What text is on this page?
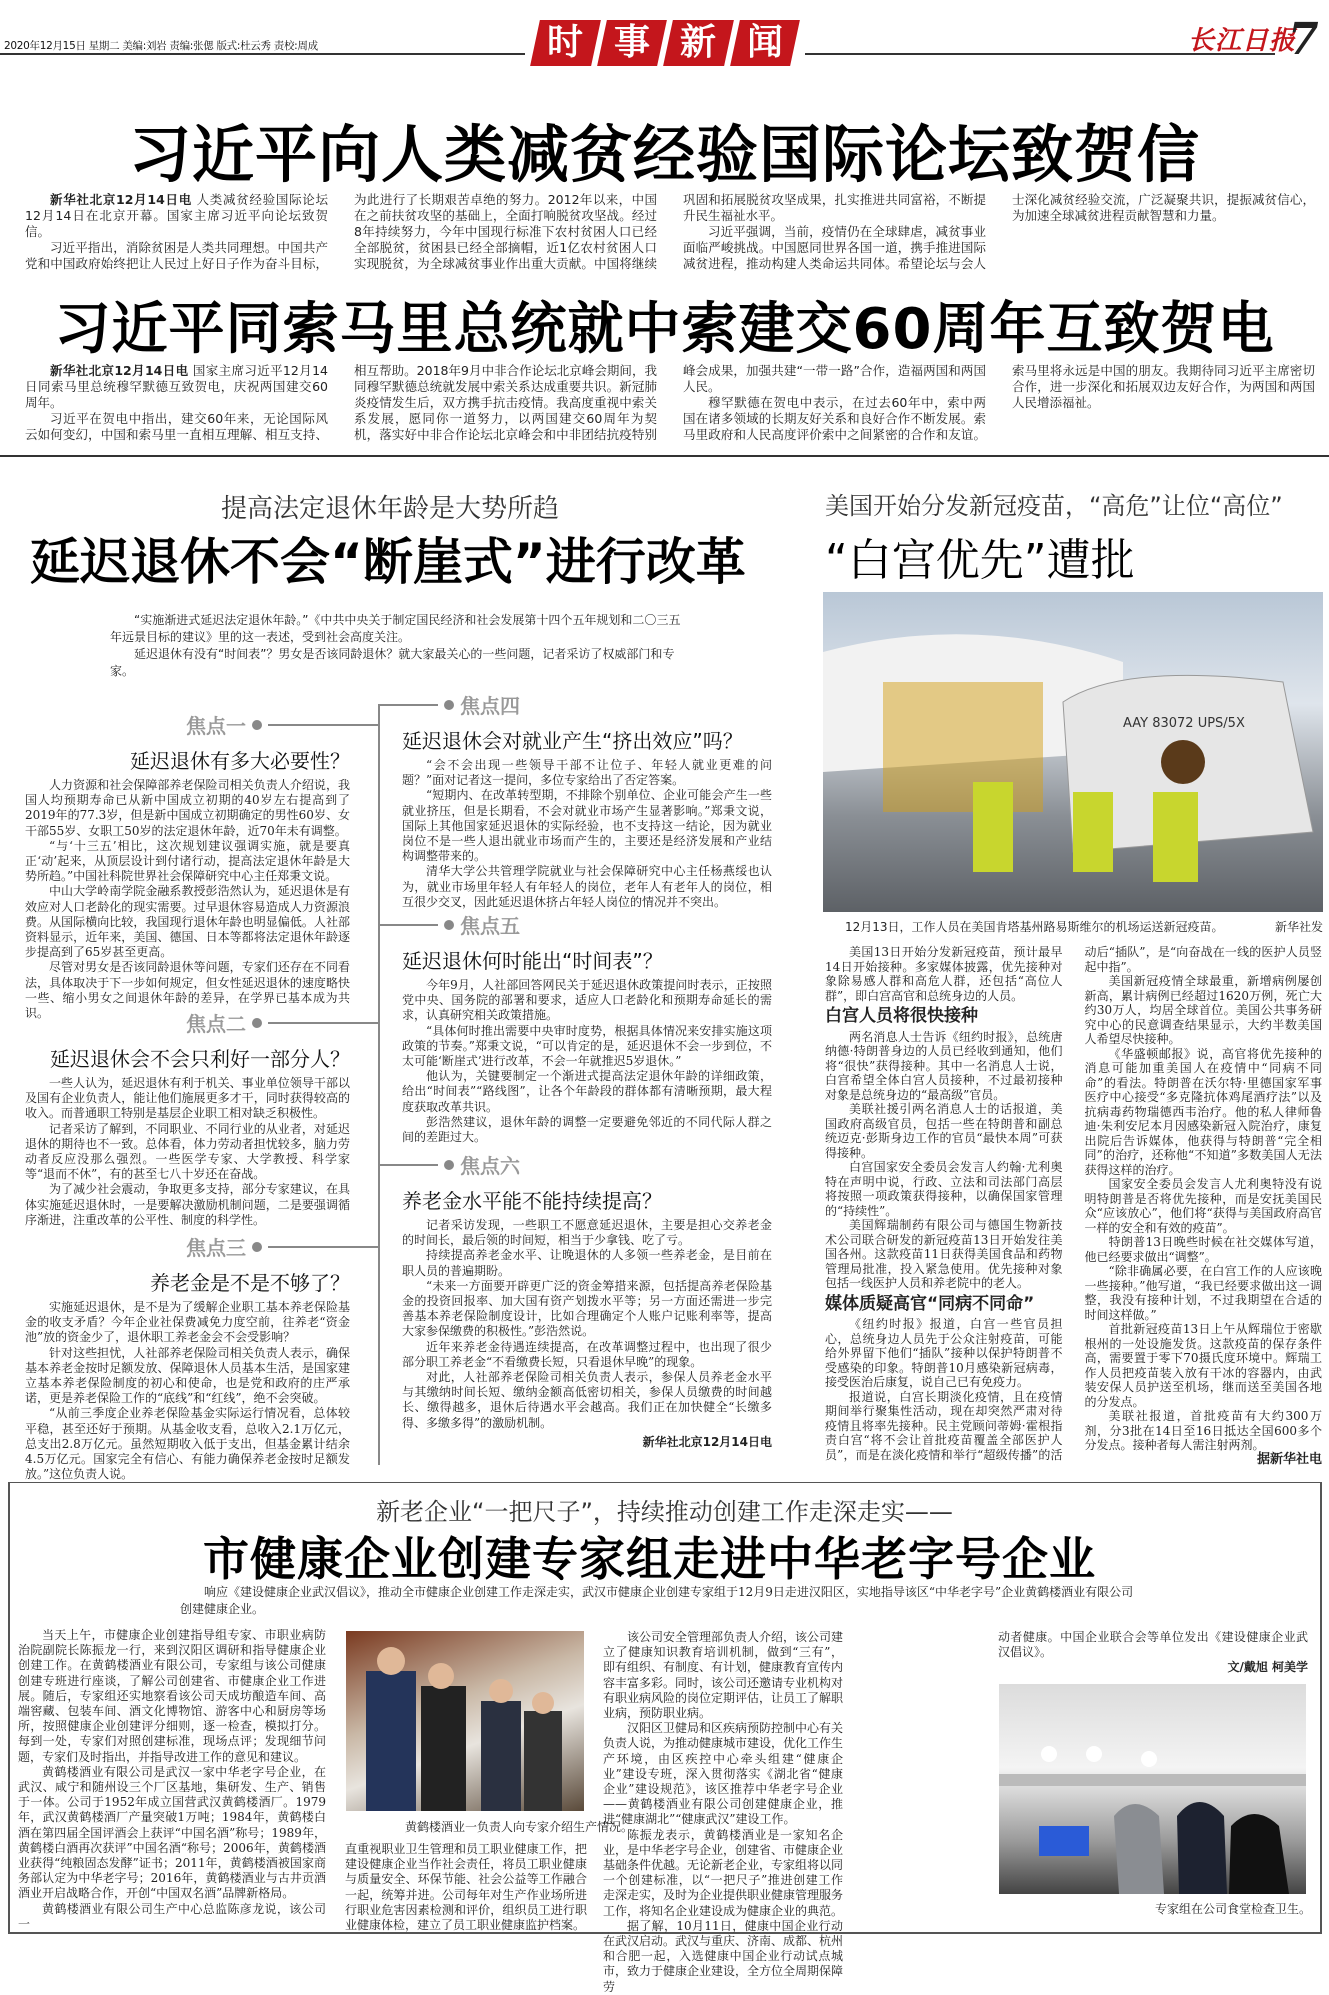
2020年12月15日 星期二 美编:刘岩 责编:张偲 版式:杜云秀 责校:周成	时 事 新 闻	长江日报
7
习近平向人类减贫经验国际论坛致贺信

新华社北京12月14日电 人类减贫经验国际论坛12月14日在北京开幕。国家主席习近平向论坛致贺信。

习近平指出，消除贫困是人类共同理想。中国共产党和中国政府始终把让人民过上好日子作为奋斗目标，为此进行了长期艰苦卓绝的努力。2012年以来，中国在之前扶贫攻坚的基础上，全面打响脱贫攻坚战。经过8年持续努力，今年中国现行标准下农村贫困人口已经全部脱贫，贫困县已经全部摘帽，近1亿农村贫困人口实现脱贫，为全球减贫事业作出重大贡献。中国将继续巩固和拓展脱贫攻坚成果，扎实推进共同富裕，不断提升民生福祉水平。

习近平强调，当前，疫情仍在全球肆虐，减贫事业面临严峻挑战。中国愿同世界各国一道，携手推进国际减贫进程，推动构建人类命运共同体。希望论坛与会人士深化减贫经验交流，广泛凝聚共识，提振减贫信心，为加速全球减贫进程贡献智慧和力量。

习近平同索马里总统就中索建交60周年互致贺电

新华社北京12月14日电 国家主席习近平12月14日同索马里总统穆罕默德互致贺电，庆祝两国建交60周年。

习近平在贺电中指出，建交60年来，无论国际风云如何变幻，中国和索马里一直相互理解、相互支持、相互帮助。2018年9月中非合作论坛北京峰会期间，我同穆罕默德总统就发展中索关系达成重要共识。新冠肺炎疫情发生后，双方携手抗击疫情。我高度重视中索关系发展，愿同你一道努力，以两国建交60周年为契机，落实好中非合作论坛北京峰会和中非团结抗疫特别峰会成果，加强共建“一带一路”合作，造福两国和两国人民。

穆罕默德在贺电中表示，在过去60年中，索中两国在诸多领域的长期友好关系和良好合作不断发展。索马里政府和人民高度评价索中之间紧密的合作和友谊。索马里将永远是中国的朋友。我期待同习近平主席密切合作，进一步深化和拓展双边友好合作，为两国和两国人民增添福祉。

提高法定退休年龄是大势所趋
延迟退休不会“断崖式”进行改革

“实施渐进式延迟法定退休年龄。”《中共中央关于制定国民经济和社会发展第十四个五年规划和二〇三五年远景目标的建议》里的这一表述，受到社会高度关注。

延迟退休有没有“时间表”？男女是否该同龄退休？就大家最关心的一些问题，记者采访了权威部门和专家。

焦点一
延迟退休有多大必要性？

人力资源和社会保障部养老保险司相关负责人介绍说，我国人均预期寿命已从新中国成立初期的40岁左右提高到了2019年的77.3岁，但是新中国成立初期确定的男性60岁、女干部55岁、女职工50岁的法定退休年龄，近70年未有调整。

“与‘十三五’相比，这次规划建议强调实施，就是要真正‘动’起来，从顶层设计到付诸行动，提高法定退休年龄是大势所趋。”中国社科院世界社会保障研究中心主任郑秉文说。

中山大学岭南学院金融系教授彭浩然认为，延迟退休是有效应对人口老龄化的现实需要。过早退休容易造成人力资源浪费。从国际横向比较，我国现行退休年龄也明显偏低。人社部资料显示，近年来，美国、德国、日本等都将法定退休年龄逐步提高到了65岁甚至更高。

尽管对男女是否该同龄退休等问题，专家们还存在不同看法，具体取决于下一步如何规定，但女性延迟退休的速度略快一些、缩小男女之间退休年龄的差异，在学界已基本成为共识。	焦点二
延迟退休会不会只利好一部分人？

一些人认为，延迟退休有利于机关、事业单位领导干部以及国有企业负责人，能让他们施展更多才干，同时获得较高的收入。而普通职工特别是基层企业职工相对缺乏积极性。

记者采访了解到，不同职业、不同行业的从业者，对延迟退休的期待也不一致。总体看，体力劳动者担忧较多，脑力劳动者反应没那么强烈。一些医学专家、大学教授、科学家等“退而不休”，有的甚至七八十岁还在奋战。

为了减少社会震动，争取更多支持，部分专家建议，在具体实施延迟退休时，一是要解决激励机制问题，二是要强调循序渐进，注重改革的公平性、制度的科学性。

焦点三
养老金是不是不够了？

实施延迟退休，是不是为了缓解企业职工基本养老保险基金的收支矛盾？今年企业社保费减免力度空前，往养老“资金池”放的资金少了，退休职工养老金会不会受影响？

针对这些担忧，人社部养老保险司相关负责人表示，确保基本养老金按时足额发放、保障退休人员基本生活，是国家建立基本养老保险制度的初心和使命，也是党和政府的庄严承诺，更是养老保险工作的“底线”和“红线”，绝不会突破。

“从前三季度企业养老保险基金实际运行情况看，总体较平稳，甚至还好于预期。从基金收支看，总收入2.1万亿元，总支出2.8万亿元。虽然短期收入低于支出，但基金累计结余4.5万亿元。国家完全有信心、有能力确保养老金按时足额发放。”这位负责人说。

焦点四
延迟退休会对就业产生“挤出效应”吗？

“会不会出现一些领导干部不让位子、年轻人就业更难的问题？”面对记者这一提问，多位专家给出了否定答案。

“短期内、在改革转型期，不排除个别单位、企业可能会产生一些就业挤压，但是长期看，不会对就业市场产生显著影响。”郑秉文说，国际上其他国家延迟退休的实际经验，也不支持这一结论，因为就业岗位不是一些人退出就业市场而产生的，主要还是经济发展和产业结构调整带来的。

清华大学公共管理学院就业与社会保障研究中心主任杨燕绥也认为，就业市场里年轻人有年轻人的岗位，老年人有老年人的岗位，相互很少交叉，因此延迟退休挤占年轻人岗位的情况并不突出。

焦点五
延迟退休何时能出“时间表”？

今年9月，人社部回答网民关于延迟退休政策提问时表示，正按照党中央、国务院的部署和要求，适应人口老龄化和预期寿命延长的需求，认真研究相关政策措施。

“具体何时推出需要中央审时度势，根据具体情况来安排实施这项政策的节奏。”郑秉文说，“可以肯定的是，延迟退休不会一步到位，不太可能‘断崖式’进行改革，不会一年就推迟5岁退休。”

他认为，关键要制定一个渐进式提高法定退休年龄的详细政策，给出“时间表”“路线图”，让各个年龄段的群体都有清晰预期，最大程度获取改革共识。

彭浩然建议，退休年龄的调整一定要避免邻近的不同代际人群之间的差距过大。

焦点六
养老金水平能不能持续提高？

记者采访发现，一些职工不愿意延迟退休，主要是担心交养老金的时间长，最后领的时间短，相当于少拿钱、吃了亏。

持续提高养老金水平、让晚退休的人多领一些养老金，是目前在职人员的普遍期盼。

“未来一方面要开辟更广泛的资金筹措来源，包括提高养老保险基金的投资回报率、加大国有资产划拨水平等；另一方面还需进一步完善基本养老保险制度设计，比如合理确定个人账户记账利率等，提高大家参保缴费的积极性。”彭浩然说。

近年来养老金待遇连续提高，在改革调整过程中，也出现了很少部分职工养老金“不看缴费长短，只看退休早晚”的现象。

对此，人社部养老保险司相关负责人表示，参保人员养老金水平与其缴纳时间长短、缴纳金额高低密切相关，参保人员缴费的时间越长、缴得越多，退休后待遇水平会越高。我们正在加快健全“长缴多得、多缴多得”的激励机制。

新华社北京12月14日电
美国开始分发新冠疫苗，“高危”让位“高位”
“白宫优先”遭批
AAY 83072 UPS/5X
12月13日，工作人员在美国肯塔基州路易斯维尔的机场运送新冠疫苗。	新华社发

美国13日开始分发新冠疫苗，预计最早14日开始接种。多家媒体披露，优先接种对象除易感人群和高危人群，还包括“高位人群”，即白宫高官和总统身边的人员。

白宫人员将很快接种

两名消息人士告诉《纽约时报》，总统唐纳德·特朗普身边的人员已经收到通知，他们将“很快”获得接种。其中一名消息人士说，白宫希望全体白宫人员接种，不过最初接种对象是总统身边的“最高级”官员。

美联社援引两名消息人士的话报道，美国政府高级官员，包括一些在特朗普和副总统迈克·彭斯身边工作的官员“最快本周”可获得接种。

白宫国家安全委员会发言人约翰·尤利奥特在声明中说，行政、立法和司法部门高层将按照一项政策获得接种，以确保国家管理的“持续性”。

美国辉瑞制药有限公司与德国生物新技术公司联合研发的新冠疫苗13日开始发往美国各州。这款疫苗11日获得美国食品和药物管理局批准，投入紧急使用。优先接种对象包括一线医护人员和养老院中的老人。

媒体质疑高官“同病不同命”

《纽约时报》报道，白宫一些官员担心，总统身边人员先于公众注射疫苗，可能给外界留下他们“插队”接种以保护特朗普不受感染的印象。特朗普10月感染新冠病毒，接受医治后康复，说自己已有免疫力。

报道说，白宫长期淡化疫情，且在疫情期间举行聚集性活动，现在却突然严肃对待疫情且将率先接种。民主党顾问蒂姆·霍根指责白宫“将不会让首批疫苗覆盖全部医护人员”，而是在淡化疫情和举行“超级传播”的活动后“插队”，是“向奋战在一线的医护人员竖起中指”。

美国新冠疫情全球最重，新增病例屡创新高，累计病例已经超过1620万例，死亡大约30万人，均居全球首位。美国公共事务研究中心的民意调查结果显示，大约半数美国人希望尽快接种。

《华盛顿邮报》说，高官将优先接种的消息可能加重美国人在疫情中“同病不同命”的看法。特朗普在沃尔特·里德国家军事医疗中心接受“多克隆抗体鸡尾酒疗法”以及抗病毒药物瑞德西韦治疗。他的私人律师鲁迪·朱利安尼本月因感染新冠入院治疗，康复出院后告诉媒体，他获得与特朗普“完全相同”的治疗，还称他“不知道”多数美国人无法获得这样的治疗。

国家安全委员会发言人尤利奥特没有说明特朗普是否将优先接种，而是安抚美国民众“应该放心”，他们将“获得与美国政府高官一样的安全和有效的疫苗”。

特朗普13日晚些时候在社交媒体写道，他已经要求做出“调整”。

“除非确属必要，在白宫工作的人应该晚一些接种。”他写道，“我已经要求做出这一调整，我没有接种计划，不过我期望在合适的时间这样做。”

首批新冠疫苗13日上午从辉瑞位于密歇根州的一处设施发货。这款疫苗的保存条件高，需要置于零下70摄氏度环境中。辉瑞工作人员把疫苗装入放有干冰的容器内，由武装安保人员护送至机场，继而送至美国各地的分发点。

美联社报道，首批疫苗有大约300万剂，分3批在14日至16日抵达全国600多个分发点。接种者每人需注射两剂。

据新华社电
新老企业“一把尺子”，持续推动创建工作走深走实——
市健康企业创建专家组走进中华老字号企业
响应《建设健康企业武汉倡议》，推动全市健康企业创建工作走深走实，武汉市健康企业创建专家组于12月9日走进汉阳区，实地指导该区“中华老字号”企业黄鹤楼酒业有限公司创建健康企业。

当天上午，市健康企业创建指导组专家、市职业病防治院副院长陈振龙一行，来到汉阳区调研和指导健康企业创建工作。在黄鹤楼酒业有限公司，专家组与该公司健康创建专班进行座谈，了解公司创建省、市健康企业工作进展。随后，专家组还实地察看该公司天成坊酿造车间、高端窖藏、包装车间、酒文化博物馆、游客中心和厨房等场所，按照健康企业创建评分细则，逐一检查，模拟打分。每到一处，专家们对照创建标准，现场点评；发现细节问题，专家们及时指出，并指导改进工作的意见和建议。

黄鹤楼酒业有限公司是武汉一家中华老字号企业，在武汉、咸宁和随州设三个厂区基地，集研发、生产、销售于一体。公司于1952年成立国营武汉黄鹤楼酒厂。1979年，武汉黄鹤楼酒厂产量突破1万吨；1984年，黄鹤楼白酒在第四届全国评酒会上获评“中国名酒”称号；1989年，黄鹤楼白酒再次获评”中国名酒“称号；2006年，黄鹤楼酒业获得“纯粮固态发酵”证书；2011年，黄鹤楼酒被国家商务部认定为中华老字号；2016年，黄鹤楼酒业与古井贡酒酒业开启战略合作，开创“中国双名酒”品牌新格局。

黄鹤楼酒业有限公司生产中心总监陈彦龙说，该公司一

黄鹤楼酒业一负责人向专家介绍生产情况。

直重视职业卫生管理和员工职业健康工作，把建设健康企业当作社会责任，将员工职业健康与质量安全、环保节能、社会公益等工作融合一起，统筹并进。公司每年对生产作业场所进行职业危害因素检测和评价，组织员工进行职业健康体检，建立了员工职业健康监护档案。

该公司安全管理部负责人介绍，该公司建立了健康知识教育培训机制，做到“三有”，即有组织、有制度、有计划，健康教育宣传内容丰富多彩。同时，该公司还邀请专业机构对有职业病风险的岗位定期评估，让员工了解职业病，预防职业病。

汉阳区卫健局和区疾病预防控制中心有关负责人说，为推动健康城市建设，优化工作生产环境，由区疾控中心牵头组建“健康企业”建设专班，深入贯彻落实《湖北省“健康企业”建设规范》，该区推荐中华老字号企业——黄鹤楼酒业有限公司创建健康企业，推进“健康湖北”“健康武汉”建设工作。

陈振龙表示，黄鹤楼酒业是一家知名企业，是中华老字号企业，创建省、市健康企业基础条件优越。无论新老企业，专家组将以同一个创建标准，以“一把尺子”推进创建工作走深走实，及时为企业提供职业健康管理服务工作，将知名企业建设成为健康企业的典范。

据了解，10月11日，健康中国企业行动在武汉启动。武汉与重庆、济南、成都、杭州和合肥一起，入选健康中国企业行动试点城市，致力于健康企业建设，全方位全周期保障劳

动者健康。中国企业联合会等单位发出《建设健康企业武汉倡议》。

文/戴旭 柯美学

专家组在公司食堂检查卫生。
